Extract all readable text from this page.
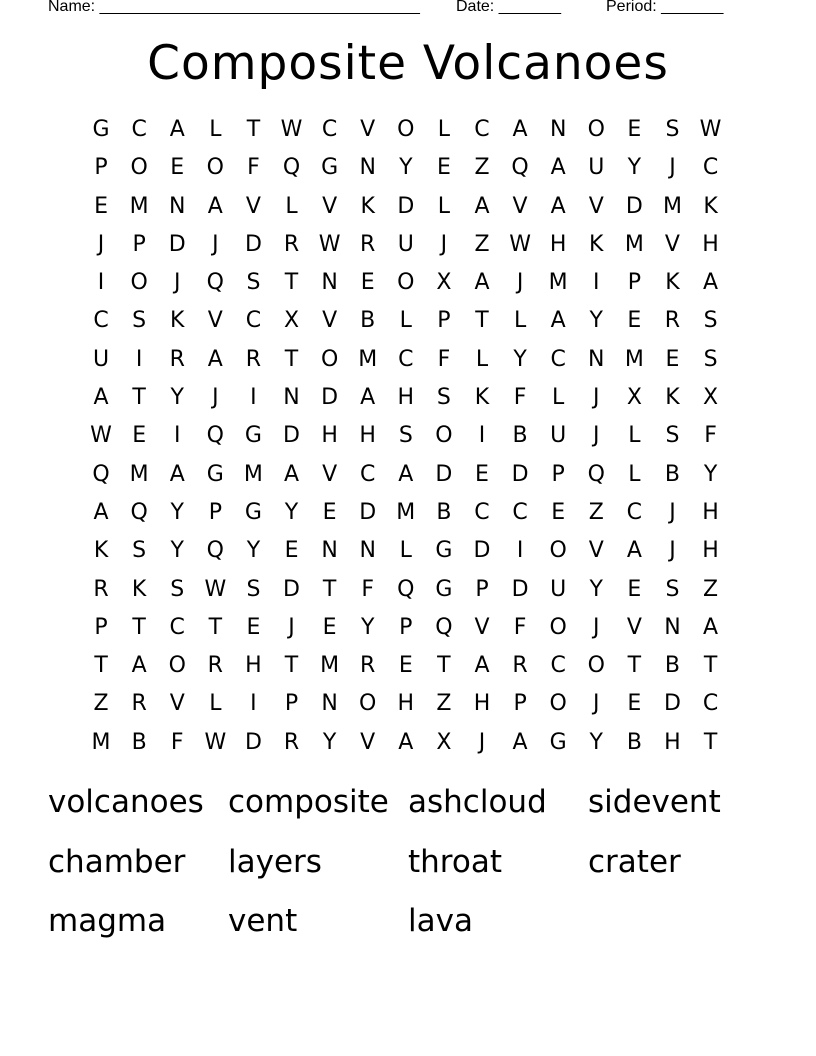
Name: ____________________________________ Date: _______	Period: _______
Composite Volcanoes
G C	A	L	T W C	V O	L	C	A	N O	E	S W
P	O	E	O	F	Q G N	Y	E	Z Q A	U	Y	J	C
E M N	A	V	L	V	K	D	L	A	V	A	V	D M K
J	P	D	J	D R W R	U	J	Z W H	K M V	H
I	O	J	Q	S	T	N	E	O X	A	J	M	I	P	K	A
C	S	K	V	C	X	V	B	L	P	T	L	A	Y	E	R	S
U	I	R	A	R	T	O M C	F	L	Y	C	N M E	S
A	T	Y	J	I	N D	A	H	S	K	F	L	J	X	K	X
W E	I	Q G D H H	S	O	I	B	U	J	L	S	F
Q M A	G M A	V	C	A	D	E	D	P	Q	L	B	Y
A Q	Y	P	G	Y	E	D M B	C	C	E	Z	C	J	H
K	S	Y	Q	Y	E	N N	L	G D	I	O V	A	J	H
R	K	S W S	D	T	F	Q G	P	D U	Y	E	S	Z
P	T	C	T	E	J	E	Y	P	Q V	F	O	J	V	N	A
T	A O R	H	T M R	E	T	A	R	C O	T	B	T
Z	R	V	L	I	P	N O H	Z	H	P	O	J	E	D C
M B	F W D R	Y	V	A	X	J	A	G	Y	B	H	T
volcanoes composite ashcloud	sidevent
chamber	layers	throat	crater
magma	vent	lava
